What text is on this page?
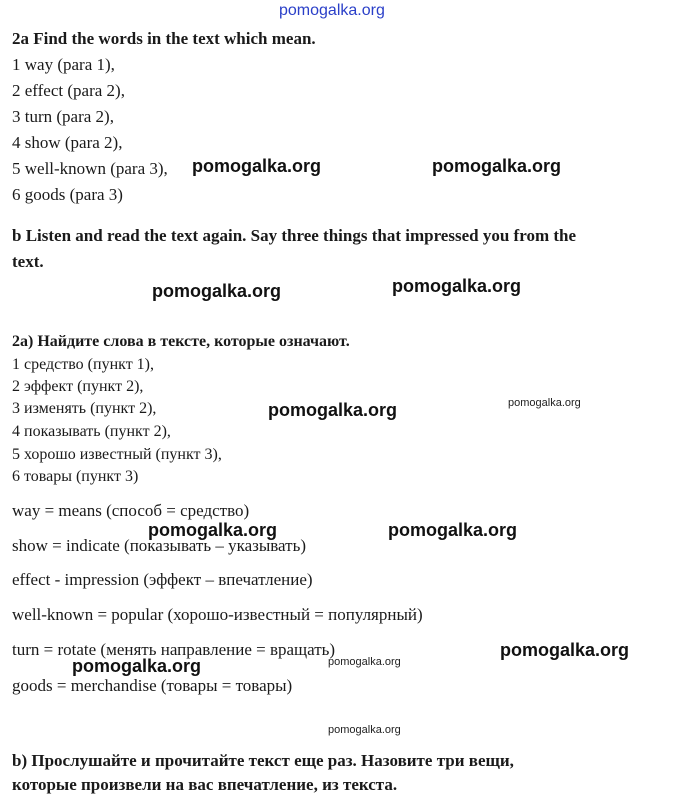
pomogalka.org
2a Find the words in the text which mean.
1 way (para 1),
2 effect (para 2),
3 turn (para 2),
4 show (para 2),
5 well-known (para 3),
6 goods (para 3)
pomogalka.org	pomogalka.org
b Listen and read the text again. Say three things that impressed you from the
text.
pomogalka.org	pomogalka.org
2a) Найдите слова в тексте, которые означают.
1 средство (пункт 1),
2 эффект (пункт 2),
3 изменять (пункт 2),
4 показывать (пункт 2),
5 хорошо известный (пункт 3),
6 товары (пункт 3)
pomogalka.org	pomogalka.org
way = means (способ = средство)
show = indicate (показывать – указывать)
effect - impression (эффект – впечатление)
well-known = popular (хорошо-известный = популярный)
turn = rotate (менять направление = вращать)
goods = merchandise (товары = товары)
pomogalka.org	pomogalka.org
pomogalka.org
pomogalka.org	pomogalka.org
pomogalka.org
b) Прослушайте и прочитайте текст еще раз. Назовите три вещи,
которые произвели на вас впечатление, из текста.
